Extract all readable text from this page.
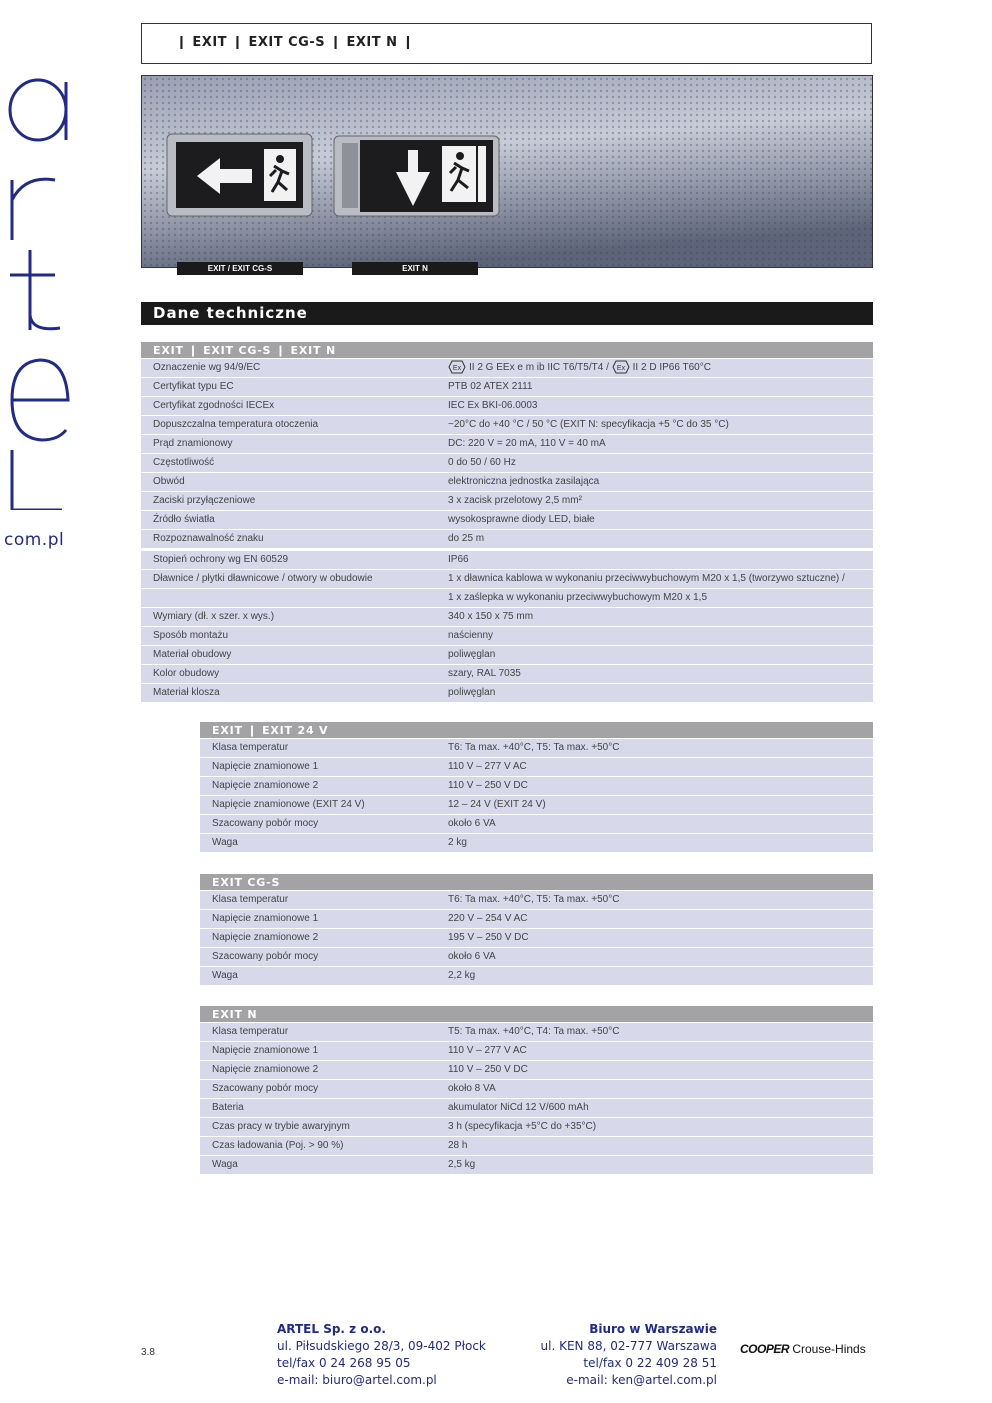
com.pl
❙ EXIT ❙ EXIT CG-S ❙ EXIT N ❙
EXIT / EXIT CG-S	EXIT N
Dane techniczne
EXIT ❙ EXIT CG-S ❙ EXIT N
Oznaczenie wg 94/9/EC	Ex II 2 G EEx e m ib IIC T6/T5/T4 / Ex II 2 D IP66 T60°C
Certyfikat typu EC	PTB 02 ATEX 2111
Certyfikat zgodności IECEx	IEC Ex BKI-06.0003
Dopuszczalna temperatura otoczenia	−20°C do +40 °C / 50 °C (EXIT N: specyfikacja +5 °C do 35 °C)
Prąd znamionowy	DC: 220 V = 20 mA, 110 V = 40 mA
Częstotliwość	0 do 50 / 60 Hz
Obwód	elektroniczna jednostka zasilająca
Zaciski przyłączeniowe	3 x zacisk przelotowy 2,5 mm²
Źródło światła	wysokosprawne diody LED, białe
Rozpoznawalność znaku	do 25 m
Stopień ochrony wg EN 60529	IP66
Dławnice / płytki dławnicowe / otwory w obudowie	1 x dławnica kablowa w wykonaniu przeciwwybuchowym M20 x 1,5 (tworzywo sztuczne) /
1 x zaślepka w wykonaniu przeciwwybuchowym M20 x 1,5
Wymiary (dł. x szer. x wys.)	340 x 150 x 75 mm
Sposób montażu	naścienny
Materiał obudowy	poliwęglan
Kolor obudowy	szary, RAL 7035
Materiał klosza	poliwęglan
EXIT ❙ EXIT 24 V
Klasa temperatur	T6: Ta max. +40°C, T5: Ta max. +50°C
Napięcie znamionowe 1	110 V – 277 V AC
Napięcie znamionowe 2	110 V – 250 V DC
Napięcie znamionowe (EXIT 24 V)	12 – 24 V (EXIT 24 V)
Szacowany pobór mocy	około 6 VA
Waga	2 kg
EXIT CG-S
Klasa temperatur	T6: Ta max. +40°C, T5: Ta max. +50°C
Napięcie znamionowe 1	220 V – 254 V AC
Napięcie znamionowe 2	195 V – 250 V DC
Szacowany pobór mocy	około 6 VA
Waga	2,2 kg
EXIT N
Klasa temperatur	T5: Ta max. +40°C, T4: Ta max. +50°C
Napięcie znamionowe 1	110 V – 277 V AC
Napięcie znamionowe 2	110 V – 250 V DC
Szacowany pobór mocy	około 8 VA
Bateria	akumulator NiCd 12 V/600 mAh
Czas pracy w trybie awaryjnym	3 h (specyfikacja +5°C do +35°C)
Czas ładowania (Poj. > 90 %)	28 h
Waga	2,5 kg
3.8
ARTEL Sp. z o.o.
ul. Piłsudskiego 28/3, 09-402 Płock
tel/fax 0 24 268 95 05
e-mail: biuro@artel.com.pl
Biuro w Warszawie
ul. KEN 88, 02-777 Warszawa
tel/fax 0 22 409 28 51
e-mail: ken@artel.com.pl
COOPER Crouse-Hinds
